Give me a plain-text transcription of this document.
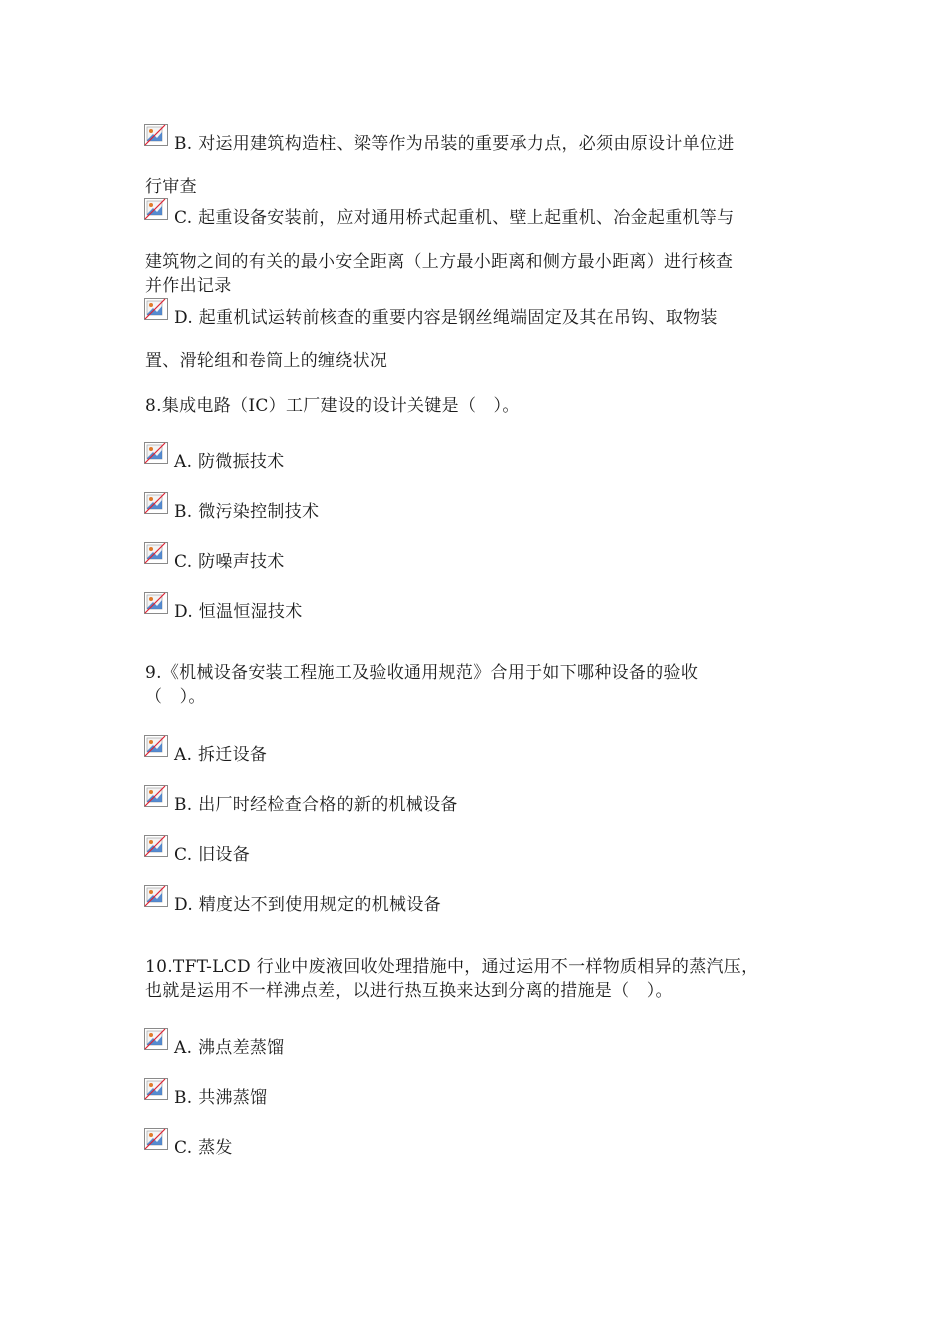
B. 对运用建筑构造柱、梁等作为吊装的重要承力点，必须由原设计单位进
行审查
C. 起重设备安装前，应对通用桥式起重机、壁上起重机、冶金起重机等与
建筑物之间的有关的最小安全距离（上方最小距离和侧方最小距离）进行核查
并作出记录
D. 起重机试运转前核查的重要内容是钢丝绳端固定及其在吊钩、取物装
置、滑轮组和卷筒上的缠绕状况
8.集成电路（IC）工厂建设的设计关键是（　）。
A. 防微振技术
B. 微污染控制技术
C. 防噪声技术
D. 恒温恒湿技术
9.《机械设备安装工程施工及验收通用规范》合用于如下哪种设备的验收
（　）。
A. 拆迁设备
B. 出厂时经检查合格的新的机械设备
C. 旧设备
D. 精度达不到使用规定的机械设备
10.TFT-LCD 行业中废液回收处理措施中，通过运用不一样物质相异的蒸汽压，
也就是运用不一样沸点差，以进行热互换来达到分离的措施是（　）。
A. 沸点差蒸馏
B. 共沸蒸馏
C. 蒸发
